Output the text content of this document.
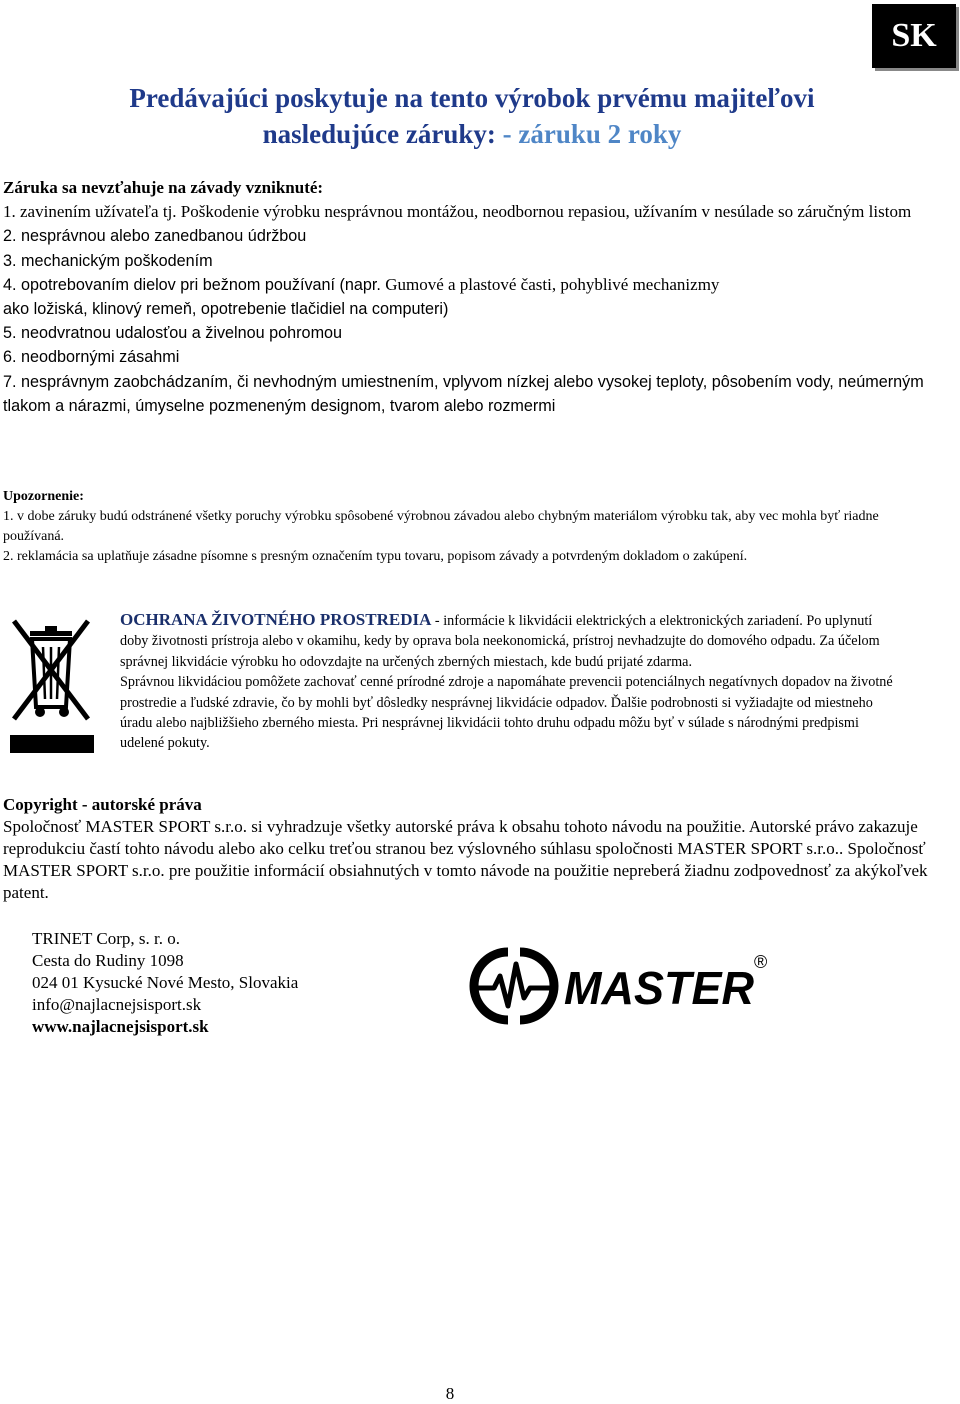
SK
Predávajúci poskytuje na tento výrobok prvému majiteľovi
nasledujúce záruky: - záruku 2 roky

Záruka sa nevzťahuje na závady vzniknuté:

1. zavinením užívateľa tj. Poškodenie výrobku nesprávnou montážou, neodbornou repasiou, užívaním v nesúlade so záručným listom

2. nesprávnou alebo zanedbanou údržbou

3. mechanickým poškodením

4. opotrebovaním dielov pri bežnom používaní (napr. Gumové a plastové časti, pohyblivé mechanizmy
ako ložiská, klinový remeň, opotrebenie tlačidiel na computeri)

5. neodvratnou udalosťou a živelnou pohromou

6. neodbornými zásahmi

7. nesprávnym zaobchádzaním, či nevhodným umiestnením, vplyvom nízkej alebo vysokej teploty, pôsobením vody, neúmerným tlakom a nárazmi, úmyselne pozmeneným designom, tvarom alebo rozmermi

Upozornenie:

1. v dobe záruky budú odstránené všetky poruchy výrobku spôsobené výrobnou závadou alebo chybným materiálom výrobku tak, aby vec mohla byť riadne používaná.

2. reklamácia sa uplatňuje zásadne písomne s presným označením typu tovaru, popisom závady a potvrdeným dokladom o zakúpení.

OCHRANA ŽIVOTNÉHO PROSTREDIA - informácie k likvidácii elektrických a elektronických zariadení. Po uplynutí doby životnosti prístroja alebo v okamihu, kedy by oprava bola neekonomická, prístroj nevhadzujte do domového odpadu. Za účelom správnej likvidácie výrobku ho odovzdajte na určených zberných miestach, kde budú prijaté zdarma.

Správnou likvidáciou pomôžete zachovať cenné prírodné zdroje a napomáhate prevencii potenciálnych negatívnych dopadov na životné prostredie a ľudské zdravie, čo by mohli byť dôsledky nesprávnej likvidácie odpadov. Ďalšie podrobnosti si vyžiadajte od miestneho úradu alebo najbližšieho zberného miesta. Pri nesprávnej likvidácii tohto druhu odpadu môžu byť v súlade s národnými predpismi udelené pokuty.

Copyright - autorské práva

Spoločnosť MASTER SPORT s.r.o. si vyhradzuje všetky autorské práva k obsahu tohoto návodu na použitie. Autorské právo zakazuje reprodukciu častí tohto návodu alebo ako celku treťou stranou bez výslovného súhlasu spoločnosti MASTER SPORT s.r.o.. Spoločnosť MASTER SPORT s.r.o. pre použitie informácií obsiahnutých v tomto návode na použitie nepreberá žiadnu zodpovednosť za akýkoľvek patent.

TRINET Corp, s. r. o.

Cesta do Rudiny 1098

024 01 Kysucké Nové Mesto, Slovakia

info@najlacnejsisport.sk

www.najlacnejsisport.sk

MASTER ®
8
